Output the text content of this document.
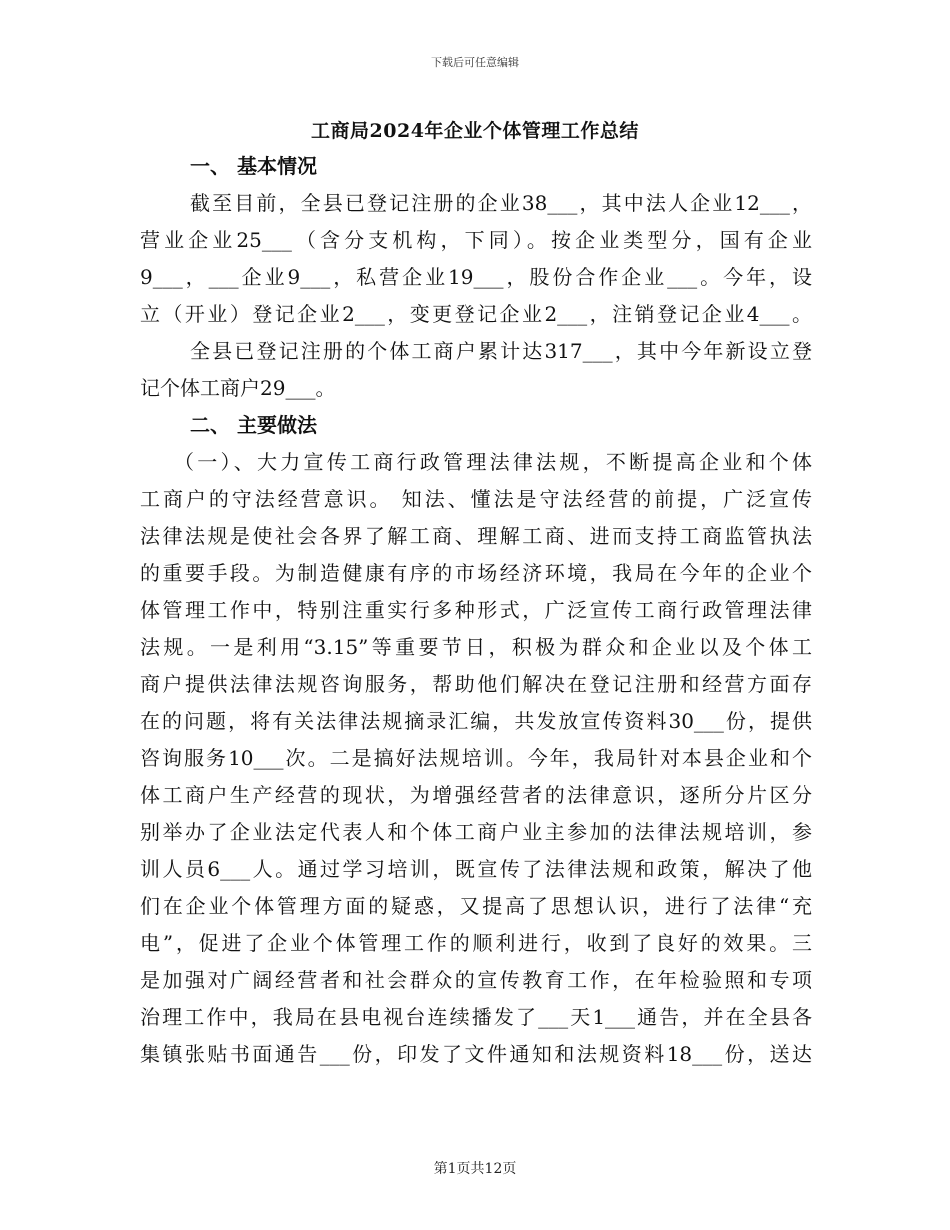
下载后可任意编辑
工商局2024年企业个体管理工作总结
一、 基本情况
截至目前，全县已登记注册的企业38___，其中法人企业12___，
营业企业25___（含分支机构，下同）。按企业类型分，国有企业
9___，___企业9___，私营企业19___，股份合作企业___。今年，设
立（开业）登记企业2___，变更登记企业2___，注销登记企业4___。
全县已登记注册的个体工商户累计达317___，其中今年新设立登
记个体工商户29___。
二、 主要做法
（一）、大力宣传工商行政管理法律法规，不断提高企业和个体
工商户的守法经营意识。 知法、懂法是守法经营的前提，广泛宣传
法律法规是使社会各界了解工商、理解工商、进而支持工商监管执法
的重要手段。为制造健康有序的市场经济环境，我局在今年的企业个
体管理工作中，特别注重实行多种形式，广泛宣传工商行政管理法律
法规。一是利用“3.15”等重要节日，积极为群众和企业以及个体工
商户提供法律法规咨询服务，帮助他们解决在登记注册和经营方面存
在的问题，将有关法律法规摘录汇编，共发放宣传资料30___份，提供
咨询服务10___次。二是搞好法规培训。今年，我局针对本县企业和个
体工商户生产经营的现状，为增强经营者的法律意识，逐所分片区分
别举办了企业法定代表人和个体工商户业主参加的法律法规培训，参
训人员6___人。通过学习培训，既宣传了法律法规和政策，解决了他
们在企业个体管理方面的疑惑，又提高了思想认识，进行了法律“充
电”，促进了企业个体管理工作的顺利进行，收到了良好的效果。三
是加强对广阔经营者和社会群众的宣传教育工作，在年检验照和专项
治理工作中，我局在县电视台连续播发了___天1___通告，并在全县各
集镇张贴书面通告___份，印发了文件通知和法规资料18___份，送达
第1页共12页
